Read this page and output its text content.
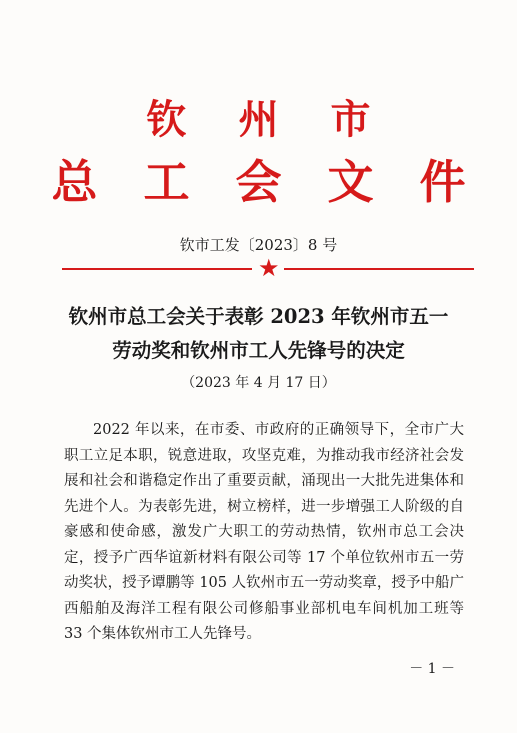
钦州市
总工会文件
钦市工发〔2023〕8 号
★
钦州市总工会关于表彰 2023 年钦州市五一
劳动奖和钦州市工人先锋号的决定
（2023 年 4 月 17 日）
2022 年以来，在市委、市政府的正确领导下，全市广大职工立足本职，锐意进取，攻坚克难，为推动我市经济社会发展和社会和谐稳定作出了重要贡献，涌现出一大批先进集体和先进个人。为表彰先进，树立榜样，进一步增强工人阶级的自豪感和使命感，激发广大职工的劳动热情，钦州市总工会决定，授予广西华谊新材料有限公司等 17 个单位钦州市五一劳动奖状，授予谭鹏等 105 人钦州市五一劳动奖章，授予中船广西船舶及海洋工程有限公司修船事业部机电车间机加工班等 33 个集体钦州市工人先锋号。
－ 1 －
